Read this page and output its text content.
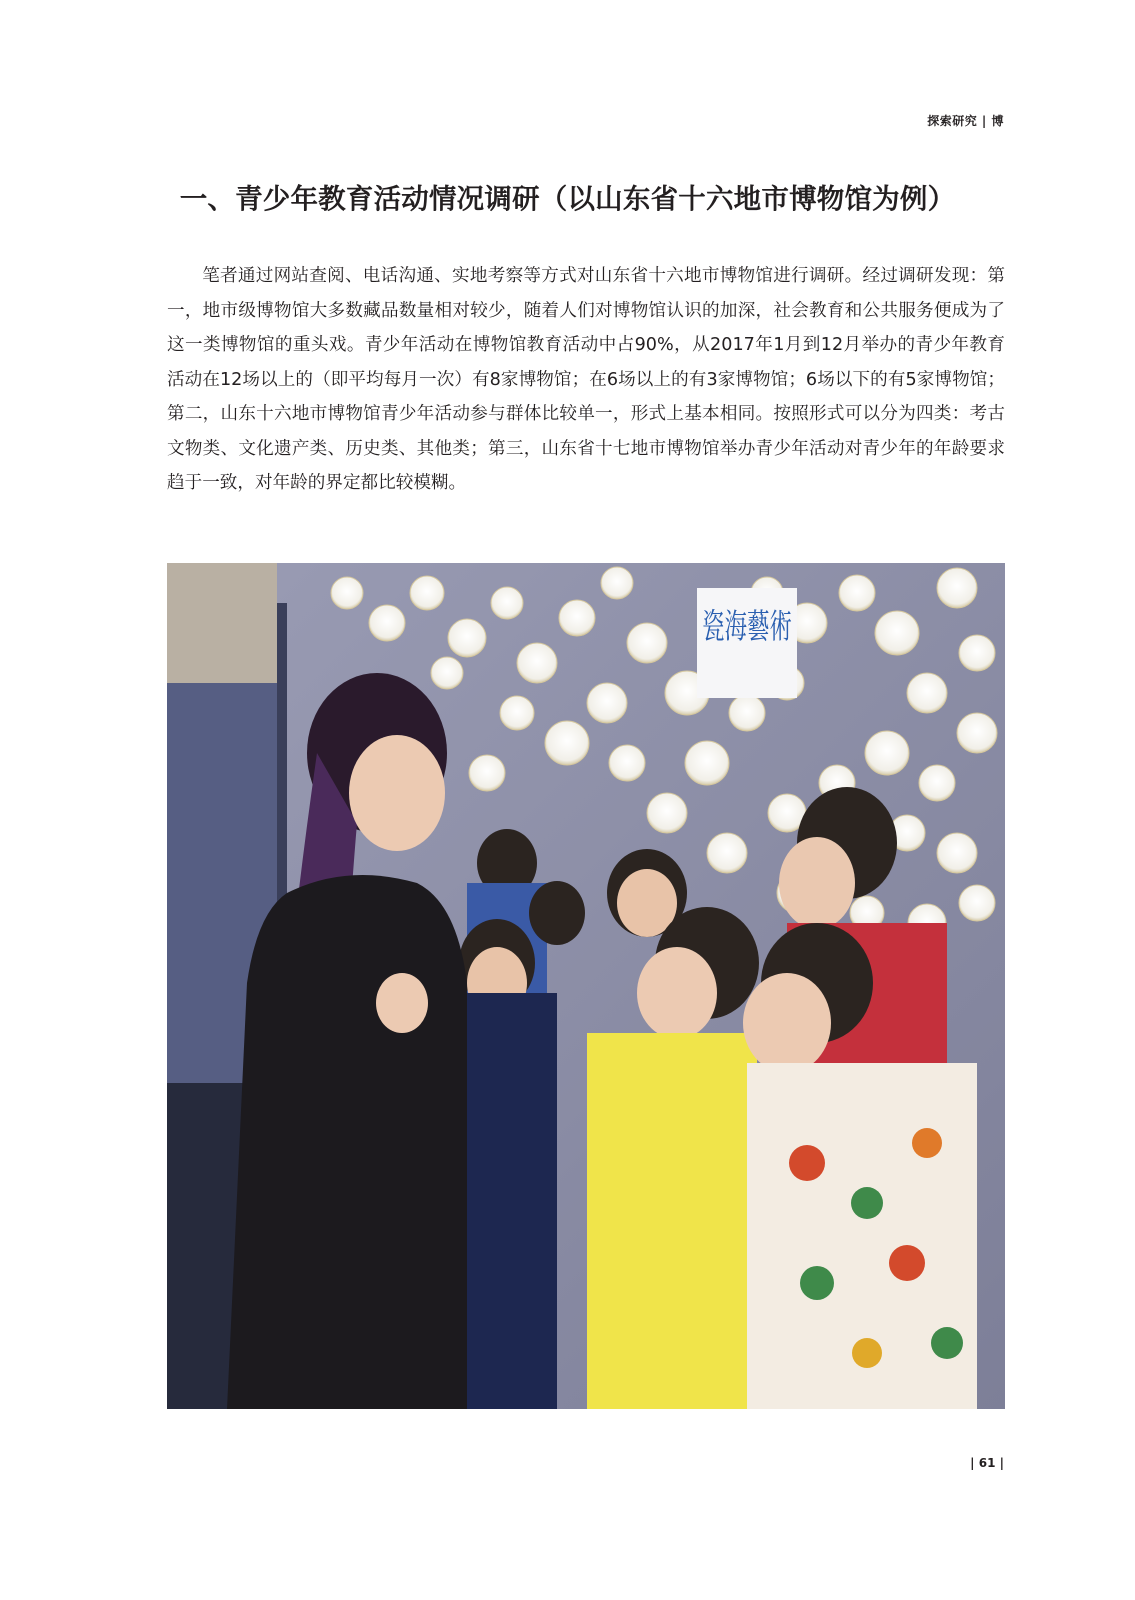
探索研究 | 博
一、青少年教育活动情况调研（以山东省十六地市博物馆为例）

笔者通过网站查阅、电话沟通、实地考察等方式对山东省十六地市博物馆进行调研。经过调研发现：第一，地市级博物馆大多数藏品数量相对较少，随着人们对博物馆认识的加深，社会教育和公共服务便成为了这一类博物馆的重头戏。青少年活动在博物馆教育活动中占90%，从2017年1月到12月举办的青少年教育活动在12场以上的（即平均每月一次）有8家博物馆；在6场以上的有3家博物馆；6场以下的有5家博物馆；第二，山东十六地市博物馆青少年活动参与群体比较单一，形式上基本相同。按照形式可以分为四类：考古文物类、文化遗产类、历史类、其他类；第三，山东省十七地市博物馆举办青少年活动对青少年的年龄要求趋于一致，对年龄的界定都比较模糊。

瓷海藝術
| 61 |
